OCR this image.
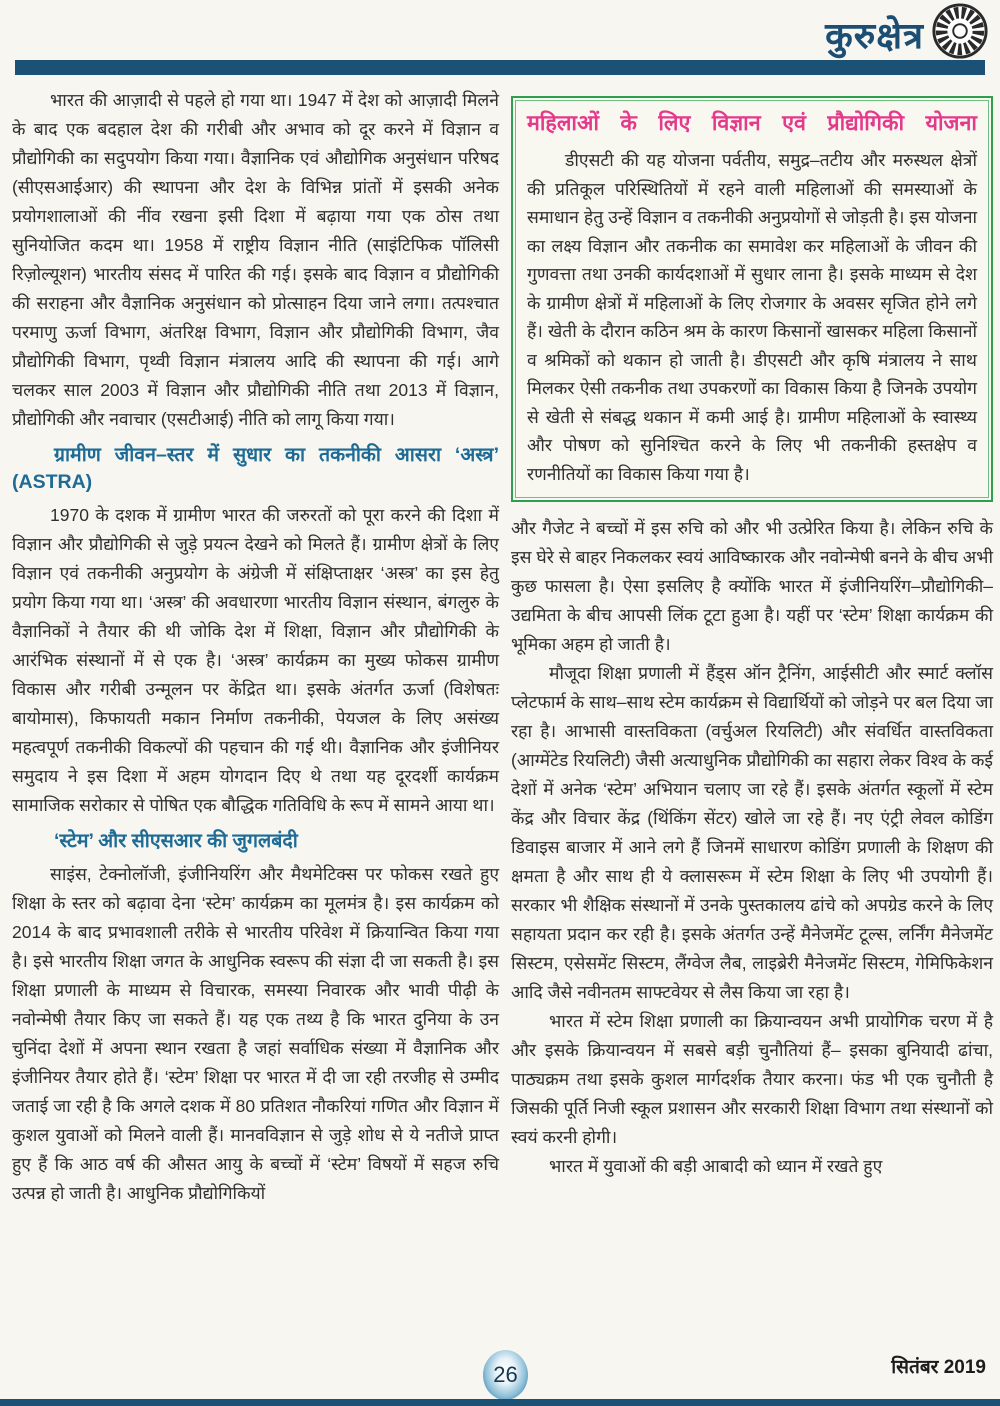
कुरुक्षेत्र

भारत की आज़ादी से पहले हो गया था। 1947 में देश को आज़ादी मिलने के बाद एक बदहाल देश की गरीबी और अभाव को दूर करने में विज्ञान व प्रौद्योगिकी का सदुपयोग किया गया। वैज्ञानिक एवं औद्योगिक अनुसंधान परिषद (सीएसआईआर) की स्थापना और देश के विभिन्न प्रांतों में इसकी अनेक प्रयोगशालाओं की नींव रखना इसी दिशा में बढ़ाया गया एक ठोस तथा सुनियोजित कदम था। 1958 में राष्ट्रीय विज्ञान नीति (साइंटिफिक पॉलिसी रिज़ोल्यूशन) भारतीय संसद में पारित की गई। इसके बाद विज्ञान व प्रौद्योगिकी की सराहना और वैज्ञानिक अनुसंधान को प्रोत्साहन दिया जाने लगा। तत्पश्चात परमाणु ऊर्जा विभाग, अंतरिक्ष विभाग, विज्ञान और प्रौद्योगिकी विभाग, जैव प्रौद्योगिकी विभाग, पृथ्वी विज्ञान मंत्रालय आदि की स्थापना की गई। आगे चलकर साल 2003 में विज्ञान और प्रौद्योगिकी नीति तथा 2013 में विज्ञान, प्रौद्योगिकी और नवाचार (एसटीआई) नीति को लागू किया गया।

ग्रामीण जीवन–स्तर में सुधार का तकनीकी आसरा ‘अस्त्र’ (ASTRA)

1970 के दशक में ग्रामीण भारत की जरुरतों को पूरा करने की दिशा में विज्ञान और प्रौद्योगिकी से जुड़े प्रयत्न देखने को मिलते हैं। ग्रामीण क्षेत्रों के लिए विज्ञान एवं तकनीकी अनुप्रयोग के अंग्रेजी में संक्षिप्ताक्षर ‘अस्त्र’ का इस हेतु प्रयोग किया गया था। ‘अस्त्र’ की अवधारणा भारतीय विज्ञान संस्थान, बंगलुरु के वैज्ञानिकों ने तैयार की थी जोकि देश में शिक्षा, विज्ञान और प्रौद्योगिकी के आरंभिक संस्थानों में से एक है। ‘अस्त्र’ कार्यक्रम का मुख्य फोकस ग्रामीण विकास और गरीबी उन्मूलन पर केंद्रित था। इसके अंतर्गत ऊर्जा (विशेषतः बायोमास), किफायती मकान निर्माण तकनीकी, पेयजल के लिए असंख्य महत्वपूर्ण तकनीकी विकल्पों की पहचान की गई थी। वैज्ञानिक और इंजीनियर समुदाय ने इस दिशा में अहम योगदान दिए थे तथा यह दूरदर्शी कार्यक्रम सामाजिक सरोकार से पोषित एक बौद्धिक गतिविधि के रूप में सामने आया था।

‘स्टेम’ और सीएसआर की जुगलबंदी

साइंस, टेक्नोलॉजी, इंजीनियरिंग और मैथमेटिक्स पर फोकस रखते हुए शिक्षा के स्तर को बढ़ावा देना ‘स्टेम’ कार्यक्रम का मूलमंत्र है। इस कार्यक्रम को 2014 के बाद प्रभावशाली तरीके से भारतीय परिवेश में क्रियान्वित किया गया है। इसे भारतीय शिक्षा जगत के आधुनिक स्वरूप की संज्ञा दी जा सकती है। इस शिक्षा प्रणाली के माध्यम से विचारक, समस्या निवारक और भावी पीढ़ी के नवोन्मेषी तैयार किए जा सकते हैं। यह एक तथ्य है कि भारत दुनिया के उन चुनिंदा देशों में अपना स्थान रखता है जहां सर्वाधिक संख्या में वैज्ञानिक और इंजीनियर तैयार होते हैं। ‘स्टेम’ शिक्षा पर भारत में दी जा रही तरजीह से उम्मीद जताई जा रही है कि अगले दशक में 80 प्रतिशत नौकरियां गणित और विज्ञान में कुशल युवाओं को मिलने वाली हैं। मानवविज्ञान से जुड़े शोध से ये नतीजे प्राप्त हुए हैं कि आठ वर्ष की औसत आयु के बच्चों में ‘स्टेम’ विषयों में सहज रुचि उत्पन्न हो जाती है। आधुनिक प्रौद्योगिकियों

महिलाओं के लिए विज्ञान एवं प्रौद्योगिकी योजना

डीएसटी की यह योजना पर्वतीय, समुद्र–तटीय और मरुस्थल क्षेत्रों की प्रतिकूल परिस्थितियों में रहने वाली महिलाओं की समस्याओं के समाधान हेतु उन्हें विज्ञान व तकनीकी अनुप्रयोगों से जोड़ती है। इस योजना का लक्ष्य विज्ञान और तकनीक का समावेश कर महिलाओं के जीवन की गुणवत्ता तथा उनकी कार्यदशाओं में सुधार लाना है। इसके माध्यम से देश के ग्रामीण क्षेत्रों में महिलाओं के लिए रोजगार के अवसर सृजित होने लगे हैं। खेती के दौरान कठिन श्रम के कारण किसानों खासकर महिला किसानों व श्रमिकों को थकान हो जाती है। डीएसटी और कृषि मंत्रालय ने साथ मिलकर ऐसी तकनीक तथा उपकरणों का विकास किया है जिनके उपयोग से खेती से संबद्ध थकान में कमी आई है। ग्रामीण महिलाओं के स्वास्थ्य और पोषण को सुनिश्चित करने के लिए भी तकनीकी हस्तक्षेप व रणनीतियों का विकास किया गया है।

और गैजेट ने बच्चों में इस रुचि को और भी उत्प्रेरित किया है। लेकिन रुचि के इस घेरे से बाहर निकलकर स्वयं आविष्कारक और नवोन्मेषी बनने के बीच अभी कुछ फासला है। ऐसा इसलिए है क्योंकि भारत में इंजीनियरिंग–प्रौद्योगिकी–उद्यमिता के बीच आपसी लिंक टूटा हुआ है। यहीं पर ‘स्टेम’ शिक्षा कार्यक्रम की भूमिका अहम हो जाती है।

मौजूदा शिक्षा प्रणाली में हैंड्स ऑन ट्रैनिंग, आईसीटी और स्मार्ट क्लॉस प्लेटफार्म के साथ–साथ स्टेम कार्यक्रम से विद्यार्थियों को जोड़ने पर बल दिया जा रहा है। आभासी वास्तविकता (वर्चुअल रियलिटी) और संवर्धित वास्तविकता (आग्मेंटेड रियलिटी) जैसी अत्याधुनिक प्रौद्योगिकी का सहारा लेकर विश्व के कई देशों में अनेक ‘स्टेम’ अभियान चलाए जा रहे हैं। इसके अंतर्गत स्कूलों में स्टेम केंद्र और विचार केंद्र (थिंकिंग सेंटर) खोले जा रहे हैं। नए एंट्री लेवल कोडिंग डिवाइस बाजार में आने लगे हैं जिनमें साधारण कोडिंग प्रणाली के शिक्षण की क्षमता है और साथ ही ये क्लासरूम में स्टेम शिक्षा के लिए भी उपयोगी हैं। सरकार भी शैक्षिक संस्थानों में उनके पुस्तकालय ढांचे को अपग्रेड करने के लिए सहायता प्रदान कर रही है। इसके अंतर्गत उन्हें मैनेजमेंट टूल्स, लर्निंग मैनेजमेंट सिस्टम, एसेसमेंट सिस्टम, लैंग्वेज लैब, लाइब्रेरी मैनेजमेंट सिस्टम, गेमिफिकेशन आदि जैसे नवीनतम साफ्टवेयर से लैस किया जा रहा है।

भारत में स्टेम शिक्षा प्रणाली का क्रियान्वयन अभी प्रायोगिक चरण में है और इसके क्रियान्वयन में सबसे बड़ी चुनौतियां हैं– इसका बुनियादी ढांचा, पाठ्यक्रम तथा इसके कुशल मार्गदर्शक तैयार करना। फंड भी एक चुनौती है जिसकी पूर्ति निजी स्कूल प्रशासन और सरकारी शिक्षा विभाग तथा संस्थानों को स्वयं करनी होगी।

भारत में युवाओं की बड़ी आबादी को ध्यान में रखते हुए

26	सितंबर 2019
